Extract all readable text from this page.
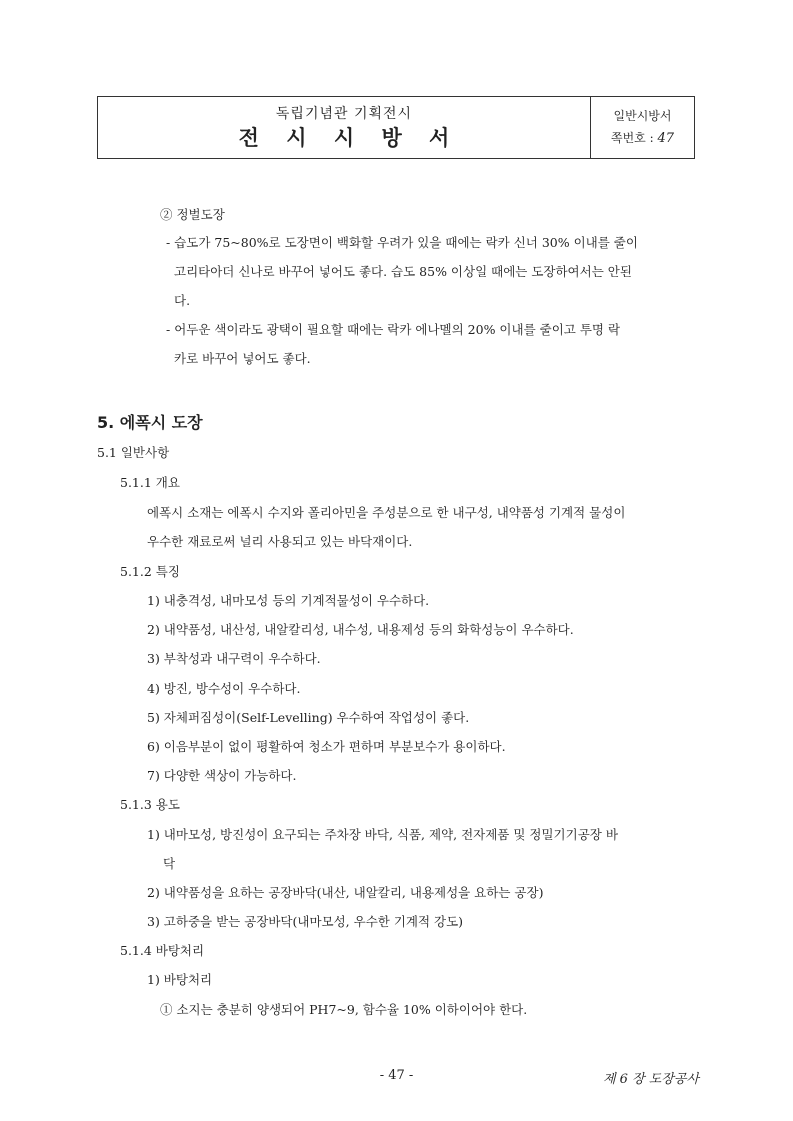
독립기념관 기획전시
전 시 시 방 서
일반시방서
쪽번호 : 47
② 정벌도장
- 습도가 75~80%로 도장면이 백화할 우려가 있을 때에는 락카 신너 30% 이내를 줄이
고리타아더 신나로 바꾸어 넣어도 좋다. 습도 85% 이상일 때에는 도장하여서는 안된
다.
- 어두운 색이라도 광택이 필요할 때에는 락카 에나멜의 20% 이내를 줄이고 투명 락
카로 바꾸어 넣어도 좋다.
5. 에폭시 도장
5.1 일반사항
5.1.1 개요
에폭시 소재는 에폭시 수지와 폴리아민을 주성분으로 한 내구성, 내약품성 기계적 물성이
우수한 재료로써 널리 사용되고 있는 바닥재이다.
5.1.2 특징
1) 내충격성, 내마모성 등의 기계적물성이 우수하다.
2) 내약품성, 내산성, 내알칼리성, 내수성, 내용제성 등의 화학성능이 우수하다.
3) 부착성과 내구력이 우수하다.
4) 방진, 방수성이 우수하다.
5) 자체퍼짐성이(Self-Levelling) 우수하여 작업성이 좋다.
6) 이음부분이 없이 평활하여 청소가 편하며 부분보수가 용이하다.
7) 다양한 색상이 가능하다.
5.1.3 용도
1) 내마모성, 방진성이 요구되는 주차장 바닥, 식품, 제약, 전자제품 및 정밀기기공장 바
닥
2) 내약품성을 요하는 공장바닥(내산, 내알칼리, 내용제성을 요하는 공장)
3) 고하중을 받는 공장바닥(내마모성, 우수한 기계적 강도)
5.1.4 바탕처리
1) 바탕처리
① 소지는 충분히 양생되어 PH7~9, 함수율 10% 이하이어야 한다.
- 47 -	제 6 장 도장공사
